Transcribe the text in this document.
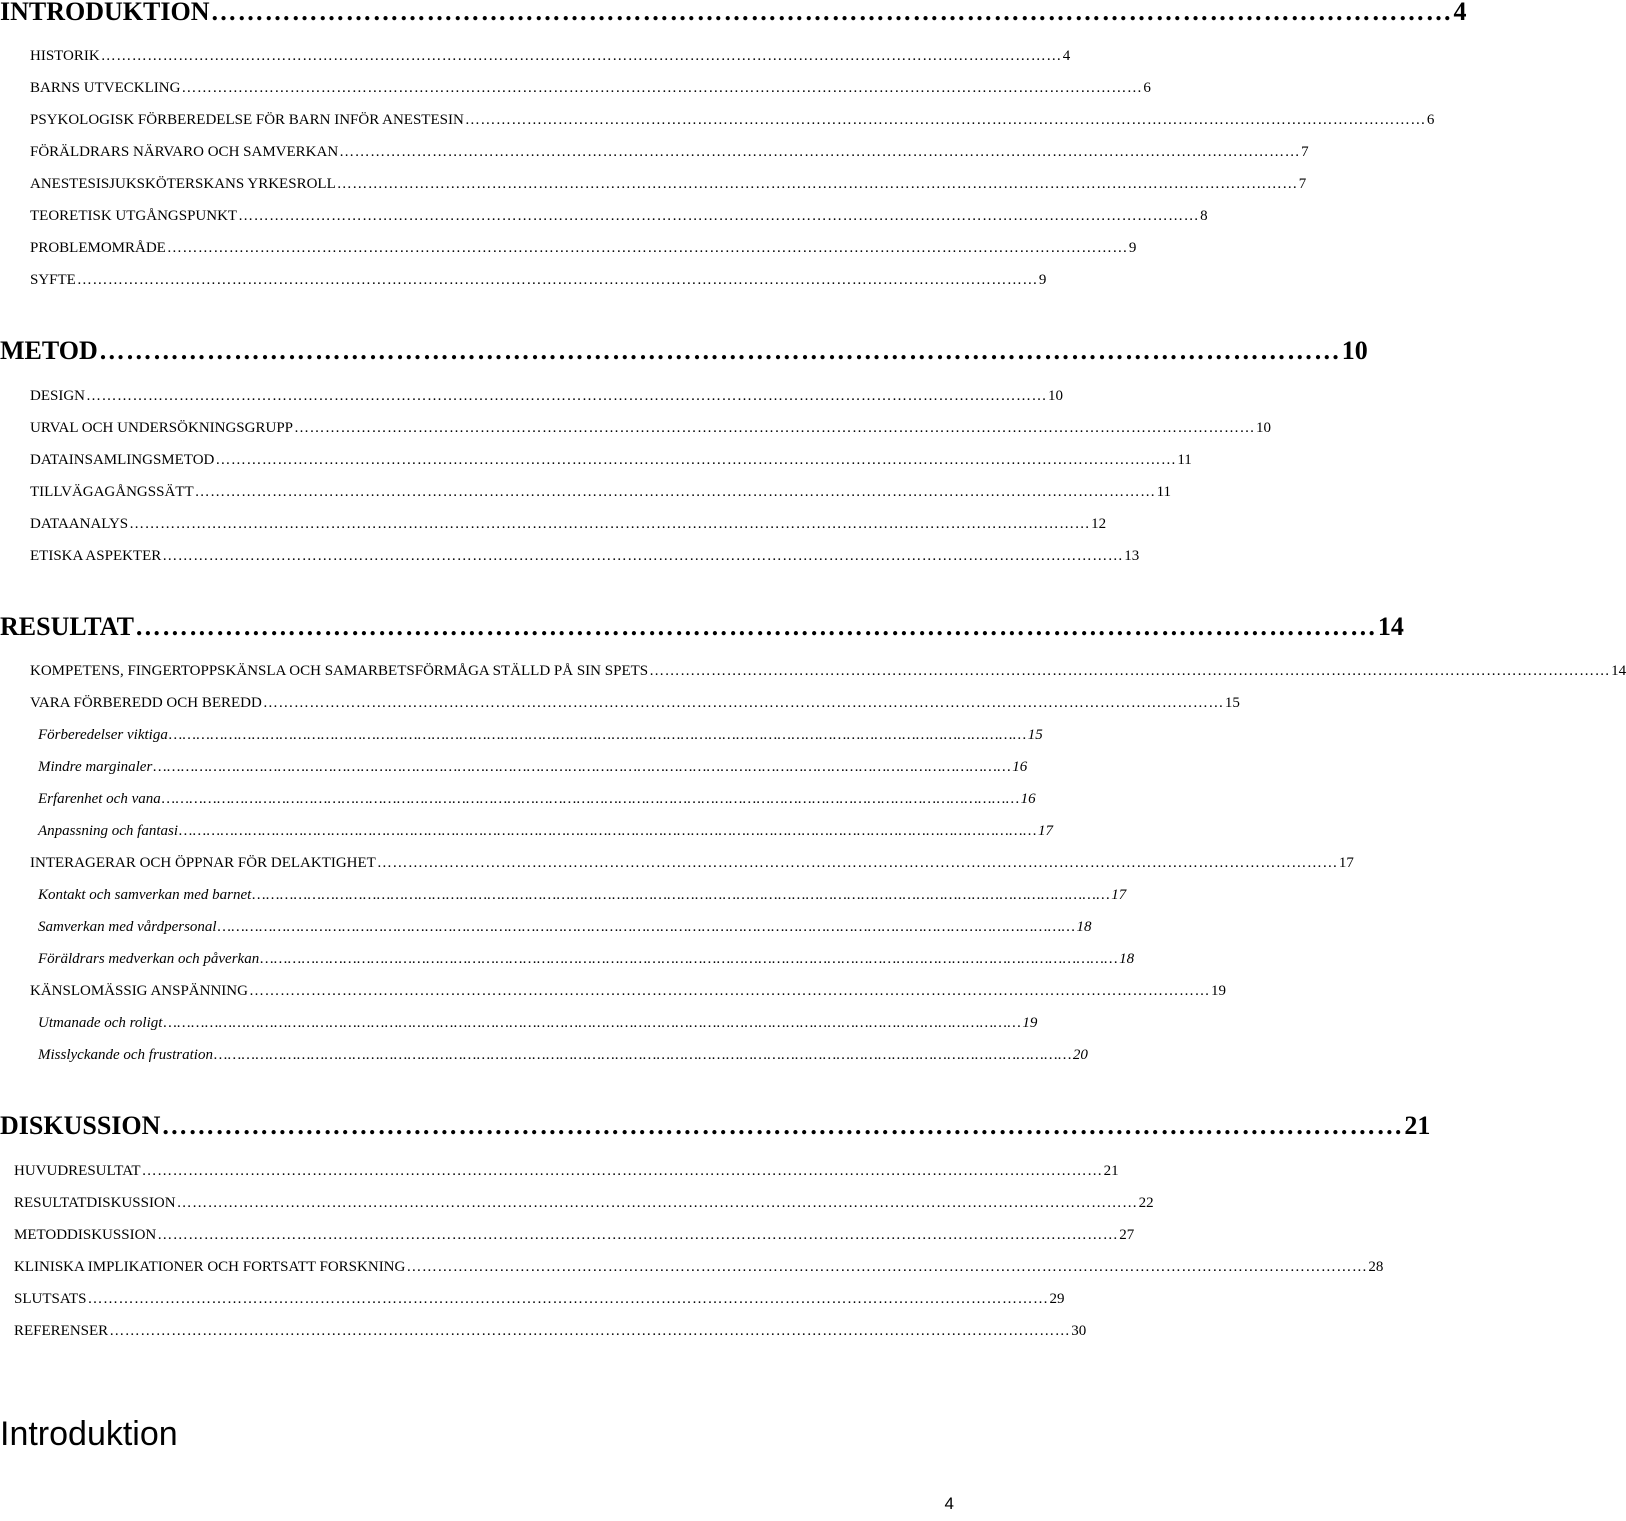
INTRODUKTION ………………………………………………………………………………………………………………………… 4
HISTORIK …………………………………………………………………………………………………………………………………………………………………… 4
BARNS UTVECKLING …………………………………………………………………………………………………………………………………………………………………… 6
PSYKOLOGISK FÖRBEREDELSE FÖR BARN INFÖR ANESTESIN …………………………………………………………………………………………………………………………………………………………………… 6
FÖRÄLDRARS NÄRVARO OCH SAMVERKAN …………………………………………………………………………………………………………………………………………………………………… 7
ANESTESISJUKSKÖTERSKANS YRKESROLL …………………………………………………………………………………………………………………………………………………………………… 7
TEORETISK UTGÅNGSPUNKT …………………………………………………………………………………………………………………………………………………………………… 8
PROBLEMOMRÅDE …………………………………………………………………………………………………………………………………………………………………… 9
SYFTE …………………………………………………………………………………………………………………………………………………………………… 9
METOD ………………………………………………………………………………………………………………………… 10
DESIGN …………………………………………………………………………………………………………………………………………………………………… 10
URVAL OCH UNDERSÖKNINGSGRUPP …………………………………………………………………………………………………………………………………………………………………… 10
DATAINSAMLINGSMETOD …………………………………………………………………………………………………………………………………………………………………… 11
TILLVÄGAGÅNGSSÄTT …………………………………………………………………………………………………………………………………………………………………… 11
DATAANALYS …………………………………………………………………………………………………………………………………………………………………… 12
ETISKA ASPEKTER …………………………………………………………………………………………………………………………………………………………………… 13
RESULTAT ………………………………………………………………………………………………………………………… 14
KOMPETENS, FINGERTOPPSKÄNSLA OCH SAMARBETSFÖRMÅGA STÄLLD PÅ SIN SPETS …………………………………………………………………………………………………………………………………………………………………… 14
VARA FÖRBEREDD OCH BEREDD …………………………………………………………………………………………………………………………………………………………………… 15
Förberedelser viktiga …………………………………………………………………………………………………………………………………………………………………… 15
Mindre marginaler …………………………………………………………………………………………………………………………………………………………………… 16
Erfarenhet och vana …………………………………………………………………………………………………………………………………………………………………… 16
Anpassning och fantasi …………………………………………………………………………………………………………………………………………………………………… 17
INTERAGERAR OCH ÖPPNAR FÖR DELAKTIGHET …………………………………………………………………………………………………………………………………………………………………… 17
Kontakt och samverkan med barnet …………………………………………………………………………………………………………………………………………………………………… 17
Samverkan med vårdpersonal …………………………………………………………………………………………………………………………………………………………………… 18
Föräldrars medverkan och påverkan …………………………………………………………………………………………………………………………………………………………………… 18
KÄNSLOMÄSSIG ANSPÄNNING …………………………………………………………………………………………………………………………………………………………………… 19
Utmanade och roligt …………………………………………………………………………………………………………………………………………………………………… 19
Misslyckande och frustration …………………………………………………………………………………………………………………………………………………………………… 20
DISKUSSION ………………………………………………………………………………………………………………………… 21
HUVUDRESULTAT …………………………………………………………………………………………………………………………………………………………………… 21
RESULTATDISKUSSION …………………………………………………………………………………………………………………………………………………………………… 22
METODDISKUSSION …………………………………………………………………………………………………………………………………………………………………… 27
KLINISKA IMPLIKATIONER OCH FORTSATT FORSKNING …………………………………………………………………………………………………………………………………………………………………… 28
SLUTSATS …………………………………………………………………………………………………………………………………………………………………… 29
REFERENSER …………………………………………………………………………………………………………………………………………………………………… 30
Introduktion
4
